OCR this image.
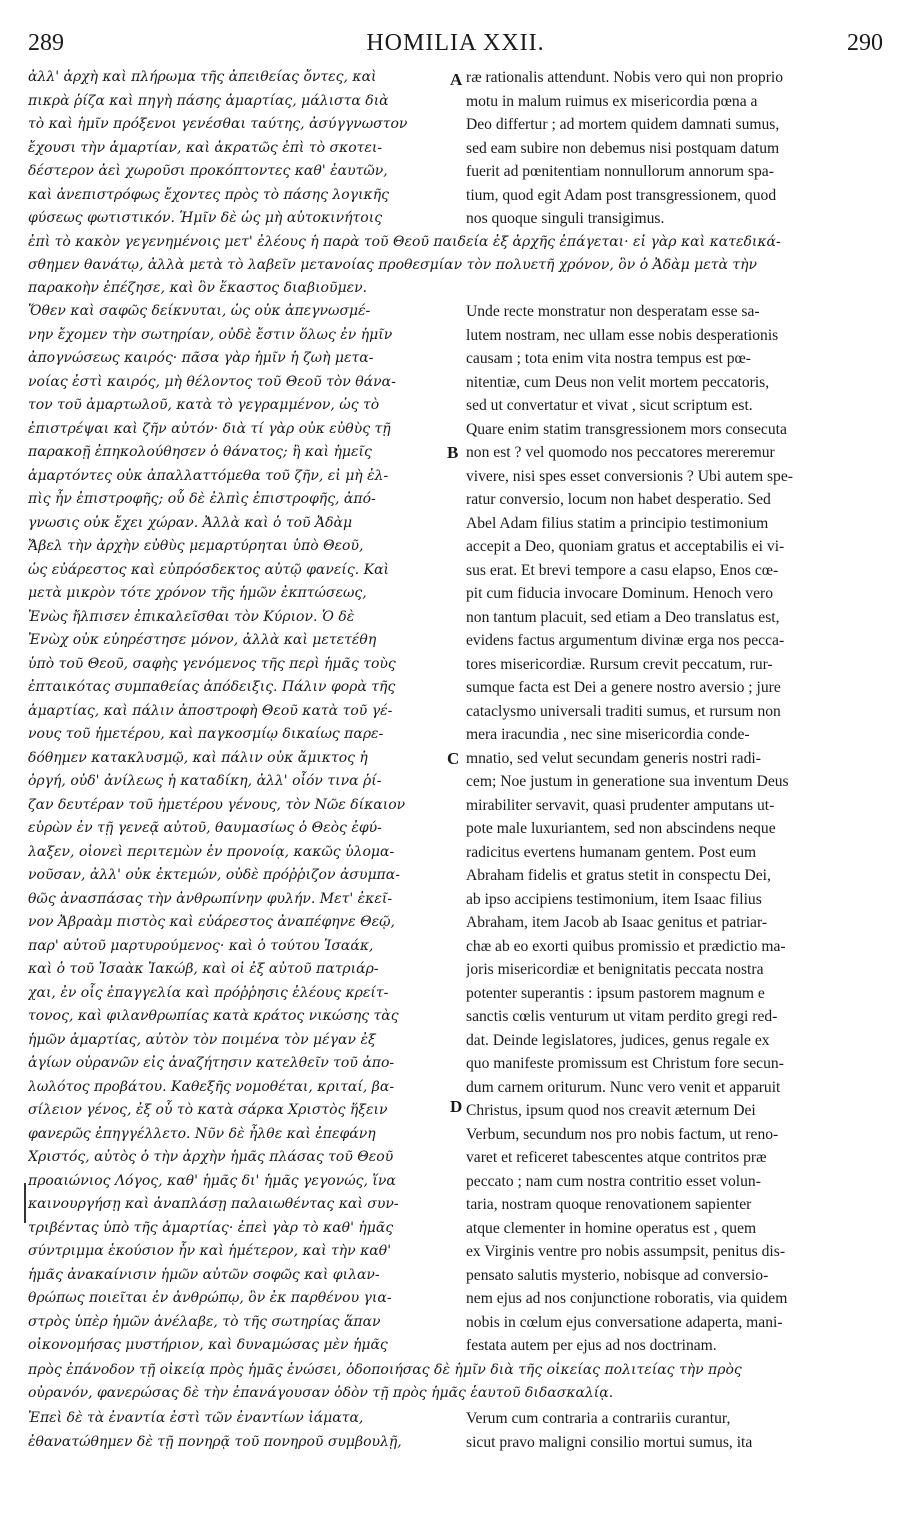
289	HOMILIA XXII.	290
ἀλλ' ἀρχὴ καὶ πλήρωμα τῆς ἀπειθείας ὄντες, καὶ
πικρὰ ῥίζα καὶ πηγὴ πάσης ἁμαρτίας, μάλιστα διὰ
τὸ καὶ ἡμῖν πρόξενοι γενέσθαι ταύτης, ἀσύγγνωστον
ἔχουσι τὴν ἁμαρτίαν, καὶ ἀκρατῶς ἐπὶ τὸ σκοτει-
δέστερον ἀεὶ χωροῦσι προκόπτοντες καθ' ἑαυτῶν,
καὶ ἀνεπιστρόφως ἔχοντες πρὸς τὸ πάσης λογικῆς
φύσεως φωτιστικόν. Ἡμῖν δὲ ὡς μὴ αὐτοκινήτοις
ræ rationalis attendunt. Nobis vero qui non proprio
motu in malum ruimus ex misericordia pœna a
Deo differtur ; ad mortem quidem damnati sumus,
sed eam subire non debemus nisi postquam datum
fuerit ad pœnitentiam nonnullorum annorum spa-
tium, quod egit Adam post transgressionem, quod
nos quoque singuli transigimus.
A
ἐπὶ τὸ κακὸν γεγενημένοις μετ' ἐλέους ἡ παρὰ τοῦ Θεοῦ παιδεία ἐξ ἀρχῆς ἐπάγεται· εἰ γὰρ καὶ κατεδικά-
σθημεν θανάτῳ, ἀλλὰ μετὰ τὸ λαβεῖν μετανοίας προθεσμίαν τὸν πολυετῆ χρόνον, ὃν ὁ Ἀδὰμ μετὰ τὴν
παρακοὴν ἐπέζησε, καὶ ὃν ἕκαστος διαβιοῦμεν.
Ὅθεν καὶ σαφῶς δείκνυται, ὡς οὐκ ἀπεγνωσμέ-
νην ἔχομεν τὴν σωτηρίαν, οὐδὲ ἔστιν ὅλως ἐν ἡμῖν
ἀπογνώσεως καιρός· πᾶσα γὰρ ἡμῖν ἡ ζωὴ μετα-
νοίας ἐστὶ καιρός, μὴ θέλοντος τοῦ Θεοῦ τὸν θάνα-
τον τοῦ ἁμαρτωλοῦ, κατὰ τὸ γεγραμμένον, ὡς τὸ
ἐπιστρέψαι καὶ ζῆν αὐτόν· διὰ τί γὰρ οὐκ εὐθὺς τῇ
παρακοῇ ἐπηκολούθησεν ὁ θάνατος; ἢ καὶ ἡμεῖς
ἁμαρτόντες οὐκ ἀπαλλαττόμεθα τοῦ ζῆν, εἰ μὴ ἐλ-
πὶς ἦν ἐπιστροφῆς; οὗ δὲ ἐλπὶς ἐπιστροφῆς, ἀπό-
γνωσις οὐκ ἔχει χώραν. Ἀλλὰ καὶ ὁ τοῦ Ἀδὰμ
Ἄβελ τὴν ἀρχὴν εὐθὺς μεμαρτύρηται ὑπὸ Θεοῦ,
ὡς εὐάρεστος καὶ εὐπρόσδεκτος αὐτῷ φανείς. Καὶ
μετὰ μικρὸν τότε χρόνον τῆς ἡμῶν ἐκπτώσεως,
Ἐνὼς ἤλπισεν ἐπικαλεῖσθαι τὸν Κύριον. Ὁ δὲ
Ἐνὼχ οὐκ εὐηρέστησε μόνον, ἀλλὰ καὶ μετετέθη
ὑπὸ τοῦ Θεοῦ, σαφὴς γενόμενος τῆς περὶ ἡμᾶς τοὺς
ἐπταικότας συμπαθείας ἀπόδειξις. Πάλιν φορὰ τῆς
ἁμαρτίας, καὶ πάλιν ἀποστροφὴ Θεοῦ κατὰ τοῦ γέ-
νους τοῦ ἡμετέρου, καὶ παγκοσμίῳ δικαίως παρε-
δόθημεν κατακλυσμῷ, καὶ πάλιν οὐκ ἄμικτος ἡ
ὀργή, οὐδ' ἀνίλεως ἡ καταδίκη, ἀλλ' οἷόν τινα ῥί-
ζαν δευτέραν τοῦ ἡμετέρου γένους, τὸν Νῶε δίκαιον
εὑρὼν ἐν τῇ γενεᾷ αὐτοῦ, θαυμασίως ὁ Θεὸς ἐφύ-
λαξεν, οἱονεὶ περιτεμὼν ἐν προνοίᾳ, κακῶς ὑλομα-
νοῦσαν, ἀλλ' οὐκ ἐκτεμών, οὐδὲ πρόῤῥιζον ἀσυμπα-
θῶς ἀνασπάσας τὴν ἀνθρωπίνην φυλήν. Μετ' ἐκεῖ-
νον Ἀβραὰμ πιστὸς καὶ εὐάρεστος ἀναπέφηνε Θεῷ,
παρ' αὐτοῦ μαρτυρούμενος· καὶ ὁ τούτου Ἰσαάκ,
καὶ ὁ τοῦ Ἰσαὰκ Ἰακώβ, καὶ οἱ ἐξ αὐτοῦ πατριάρ-
χαι, ἐν οἷς ἐπαγγελία καὶ πρόῤῥησις ἐλέους κρείτ-
τονος, καὶ φιλανθρωπίας κατὰ κράτος νικώσης τὰς
ἡμῶν ἁμαρτίας, αὐτὸν τὸν ποιμένα τὸν μέγαν ἐξ
ἁγίων οὐρανῶν εἰς ἀναζήτησιν κατελθεῖν τοῦ ἀπο-
λωλότος προβάτου. Καθεξῆς νομοθέται, κριταί, βα-
σίλειον γένος, ἐξ οὗ τὸ κατὰ σάρκα Χριστὸς ἥξειν
φανερῶς ἐπηγγέλλετο. Νῦν δὲ ἦλθε καὶ ἐπεφάνη
Χριστός, αὐτὸς ὁ τὴν ἀρχὴν ἡμᾶς πλάσας τοῦ Θεοῦ
προαιώνιος Λόγος, καθ' ἡμᾶς δι' ἡμᾶς γεγονώς, ἵνα
καινουργήσῃ καὶ ἀναπλάσῃ παλαιωθέντας καὶ συν-
τριβέντας ὑπὸ τῆς ἁμαρτίας· ἐπεὶ γὰρ τὸ καθ' ἡμᾶς
σύντριμμα ἑκούσιον ἦν καὶ ἡμέτερον, καὶ τὴν καθ'
ἡμᾶς ἀνακαίνισιν ἡμῶν αὐτῶν σοφῶς καὶ φιλαν-
θρώπως ποιεῖται ἐν ἀνθρώπῳ, ὃν ἐκ παρθένου για-
στρὸς ὑπὲρ ἡμῶν ἀνέλαβε, τὸ τῆς σωτηρίας ἅπαν
οἰκονομήσας μυστήριον, καὶ δυναμώσας μὲν ἡμᾶς
Unde recte monstratur non desperatam esse sa-
lutem nostram, nec ullam esse nobis desperationis
causam ; tota enim vita nostra tempus est pœ-
nitentiæ, cum Deus non velit mortem peccatoris,
sed ut convertatur et vivat , sicut scriptum est.
Quare enim statim transgressionem mors consecuta
non est ? vel quomodo nos peccatores mereremur
vivere, nisi spes esset conversionis ? Ubi autem spe-
ratur conversio, locum non habet desperatio. Sed
Abel Adam filius statim a principio testimonium
accepit a Deo, quoniam gratus et acceptabilis ei vi-
sus erat. Et brevi tempore a casu elapso, Enos cœ-
pit cum fiducia invocare Dominum. Henoch vero
non tantum placuit, sed etiam a Deo translatus est,
evidens factus argumentum divinæ erga nos pecca-
tores misericordiæ. Rursum crevit peccatum, rur-
sumque facta est Dei a genere nostro aversio ; jure
cataclysmo universali traditi sumus, et rursum non
mera iracundia , nec sine misericordia conde-
mnatio, sed velut secundam generis nostri radi-
cem; Noe justum in generatione sua inventum Deus
mirabiliter servavit, quasi prudenter amputans ut-
pote male luxuriantem, sed non abscindens neque
radicitus evertens humanam gentem. Post eum
Abraham fidelis et gratus stetit in conspectu Dei,
ab ipso accipiens testimonium, item Isaac filius
Abraham, item Jacob ab Isaac genitus et patriar-
chæ ab eo exorti quibus promissio et prædictio ma-
joris misericordiæ et benignitatis peccata nostra
potenter superantis : ipsum pastorem magnum e
sanctis cœlis venturum ut vitam perdito gregi red-
dat. Deinde legislatores, judices, genus regale ex
quo manifeste promissum est Christum fore secun-
dum carnem oriturum. Nunc vero venit et apparuit
Christus, ipsum quod nos creavit æternum Dei
Verbum, secundum nos pro nobis factum, ut reno-
varet et reficeret tabescentes atque contritos præ
peccato ; nam cum nostra contritio esset volun-
taria, nostram quoque renovationem sapienter
atque clementer in homine operatus est , quem
ex Virginis ventre pro nobis assumpsit, penitus dis-
pensato salutis mysterio, nobisque ad conversio-
nem ejus ad nos conjunctione roboratis, via quidem
nobis in cœlum ejus conversatione adaperta, mani-
festata autem per ejus ad nos doctrinam.
B
C
D
πρὸς ἐπάνοδον τῇ οἰκείᾳ πρὸς ἡμᾶς ἑνώσει, ὁδοποιήσας δὲ ἡμῖν διὰ τῆς οἰκείας πολιτείας τὴν πρὸς
οὐρανόν, φανερώσας δὲ τὴν ἐπανάγουσαν ὁδὸν τῇ πρὸς ἡμᾶς ἑαυτοῦ διδασκαλίᾳ.
Ἐπεὶ δὲ τὰ ἐναντία ἐστὶ τῶν ἐναντίων ἰάματα,
ἐθανατώθημεν δὲ τῇ πονηρᾷ τοῦ πονηροῦ συμβουλῇ,
Verum cum contraria a contrariis curantur,
sicut pravo maligni consilio mortui sumus, ita
